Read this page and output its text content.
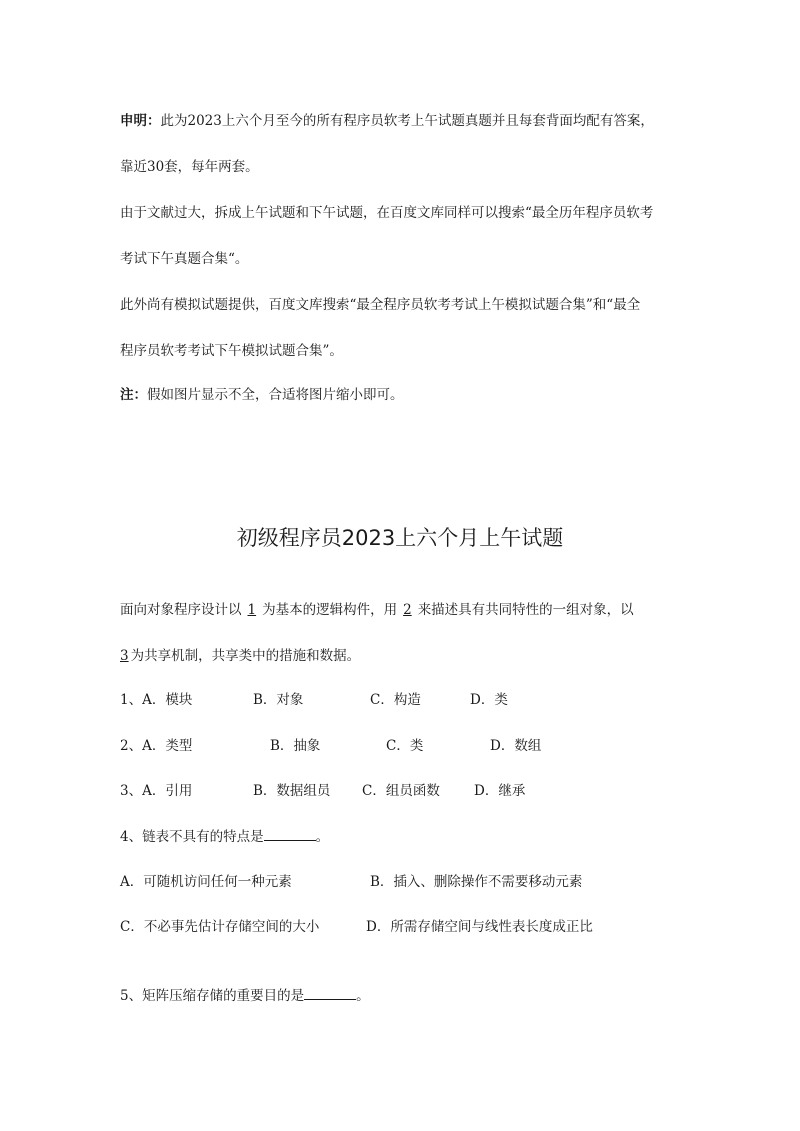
申明：此为2023上六个月至今的所有程序员软考上午试题真题并且每套背面均配有答案，
靠近30套，每年两套。
由于文献过大，拆成上午试题和下午试题，在百度文库同样可以搜索“最全历年程序员软考
考试下午真题合集“。
此外尚有模拟试题提供，百度文库搜索“最全程序员软考考试上午模拟试题合集”和“最全
程序员软考考试下午模拟试题合集”。
注：假如图片显示不全，合适将图片缩小即可。
初级程序员2023上六个月上午试题
面向对象程序设计以 1 为基本的逻辑构件，用 2 来描述具有共同特性的一组对象，以
3 为共享机制，共享类中的措施和数据。
1、A．模块	B．对象	C．构造	D．类
2、A．类型	B．抽象	C．类	D．数组
3、A．引用	B．数据组员 C．组员函数	D．继承
4、链表不具有的特点是	。
A．可随机访问任何一种元素	B．插入、删除操作不需要移动元素
C．不必事先估计存储空间的大小	D．所需存储空间与线性表长度成正比
5、矩阵压缩存储的重要目的是	。
